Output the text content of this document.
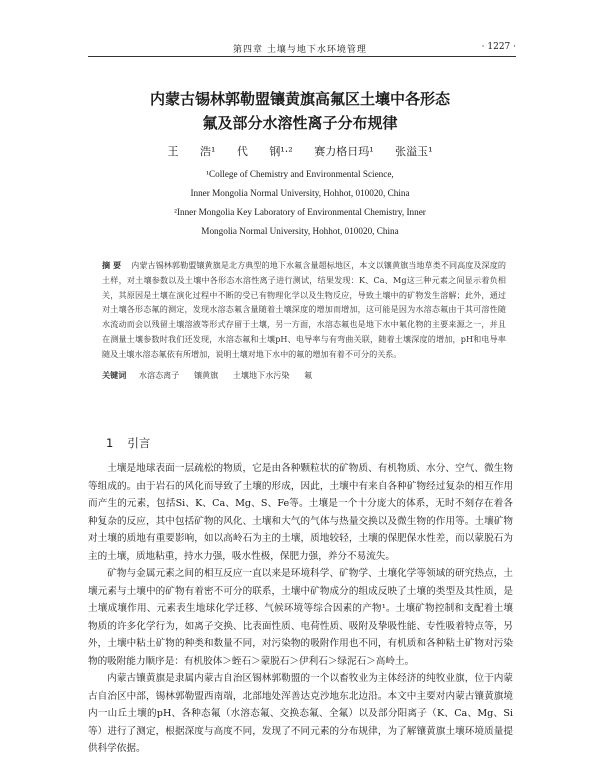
第四章 土壤与地下水环境管理	· 1227 ·
内蒙古锡林郭勒盟镶黄旗高氟区土壤中各形态
氟及部分水溶性离子分布规律
王 浩¹ 代 钢¹·² 赛力格日玛¹ 张溢玉¹
¹College of Chemistry and Environmental Science,
Inner Mongolia Normal University, Hohhot, 010020, China
²Inner Mongolia Key Laboratory of Environmental Chemistry, Inner
Mongolia Normal University, Hohhot, 010020, China
摘 要 内蒙古锡林郭勒盟镶黄旗是北方典型的地下水氟含量超标地区，本文以镶黄旗当地草类不同高度及深度的土样，对土壤参数以及土壤中各形态水溶性离子进行测试，结果发现：K、Ca、Mg这三种元素之间显示着负相关，其原因是土壤在演化过程中不断的受已有物理化学以及生物反应，导致土壤中的矿物发生溶解；此外，通过对土壤各形态氟的测定，发现水溶态氟含量随着土壤深度的增加而增加，这可能是因为水溶态氟由于其可溶性随水流动而会以残留土壤溶液等形式存留于土壤，另一方面，水溶态氟也是地下水中氟化物的主要来源之一，并且在测量土壤参数时我们还发现，水溶态氟和土壤pH、电导率与有弯曲关联，随着土壤深度的增加，pH和电导率随及土壤水溶态氟依有所增加，说明土壤对地下水中的氟的增加有着不可分的关系。
关键词 水溶态离子 镶黄旗 土壤地下水污染 氟
1 引言

土壤是地球表面一层疏松的物质，它是由各种颗粒状的矿物质、有机物质、水分、空气、微生物等组成的。由于岩石的风化而导致了土壤的形成，因此，土壤中有来自各种矿物经过复杂的相互作用而产生的元素，包括Si、K、Ca、Mg、S、Fe等。土壤是一个十分庞大的体系，无时不刻存在着各种复杂的反应，其中包括矿物的风化、土壤和大气的气体与热量交换以及微生物的作用等。土壤矿物对土壤的质地有重要影响，如以高岭石为主的土壤，质地较轻，土壤的保肥保水性差，而以蒙脱石为主的土壤，质地粘重，持水力强，吸水性极，保肥力强，养分不易流失。

矿物与金属元素之间的相互反应一直以来是环境科学、矿物学、土壤化学等领域的研究热点，土壤元素与土壤中的矿物有着密不可分的联系，土壤中矿物成分的组成反映了土壤的类型及其性质，是土壤成壤作用、元素表生地球化学迁移、气候环境等综合因素的产物¹。土壤矿物控制和支配着土壤物质的许多化学行为，如离子交换、比表面性质、电荷性质、吸附及挚吸性能、专性吸着特点等，另外，土壤中粘土矿物的种类和数量不同，对污染物的吸附作用也不同，有机质和各种粘土矿物对污染物的吸附能力顺序是：有机胶体＞蛭石＞蒙脱石＞伊利石＞绿泥石＞高岭土。

内蒙古镶黄旗是隶属内蒙古自治区锡林郭勒盟的一个以畜牧业为主体经济的纯牧业旗，位于内蒙古自治区中部，锡林郭勒盟西南端，北部地处浑善达克沙地东北边沿。本文中主要对内蒙古镶黄旗境内一山丘土壤的pH、各种态氟（水溶态氟、交换态氟、全氟）以及部分阳离子（K、Ca、Mg、Si等）进行了测定，根据深度与高度不同，发现了不同元素的分布规律，为了解镶黄旗土壤环境质量提供科学依据。
